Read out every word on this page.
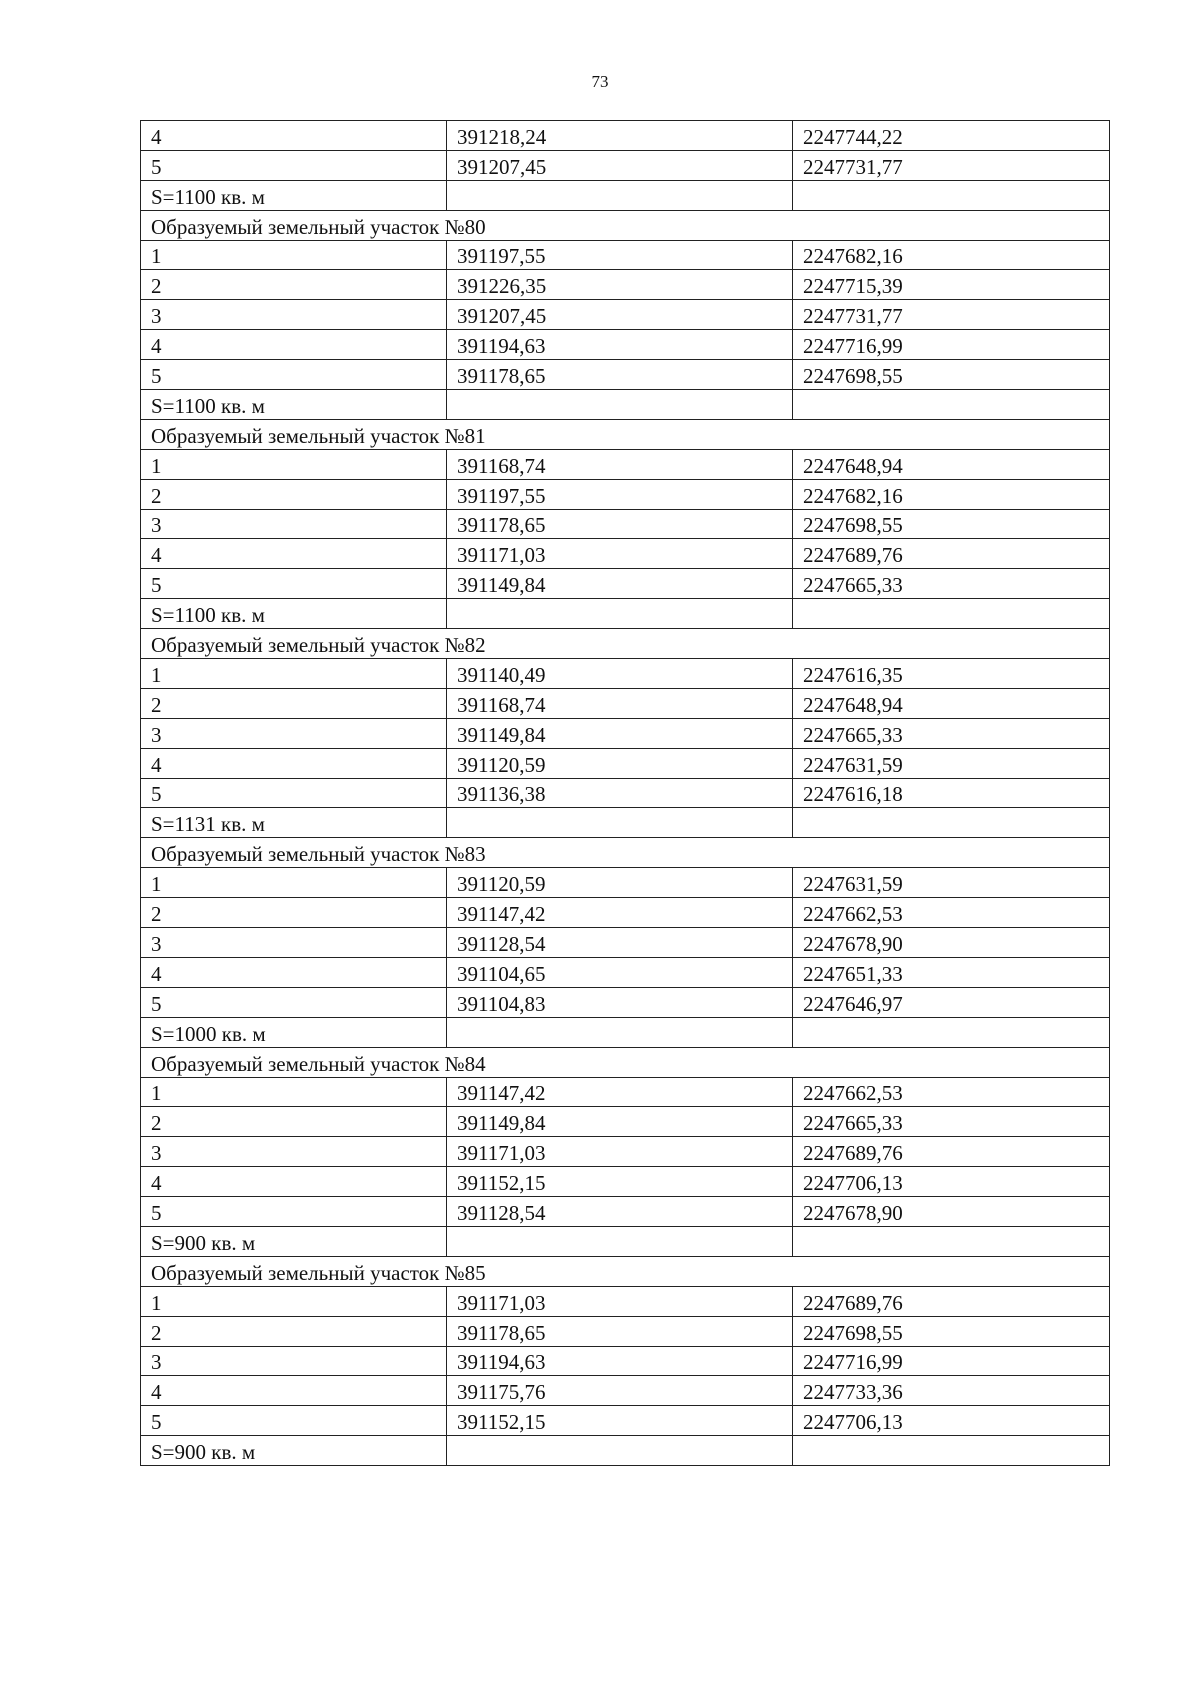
73
4	391218,24	2247744,22
5	391207,45	2247731,77
S=1100 кв. м		
Образуемый земельный участок №80		
1	391197,55	2247682,16
2	391226,35	2247715,39
3	391207,45	2247731,77
4	391194,63	2247716,99
5	391178,65	2247698,55
S=1100 кв. м		
Образуемый земельный участок №81		
1	391168,74	2247648,94
2	391197,55	2247682,16
3	391178,65	2247698,55
4	391171,03	2247689,76
5	391149,84	2247665,33
S=1100 кв. м		
Образуемый земельный участок №82		
1	391140,49	2247616,35
2	391168,74	2247648,94
3	391149,84	2247665,33
4	391120,59	2247631,59
5	391136,38	2247616,18
S=1131 кв. м		
Образуемый земельный участок №83		
1	391120,59	2247631,59
2	391147,42	2247662,53
3	391128,54	2247678,90
4	391104,65	2247651,33
5	391104,83	2247646,97
S=1000 кв. м		
Образуемый земельный участок №84		
1	391147,42	2247662,53
2	391149,84	2247665,33
3	391171,03	2247689,76
4	391152,15	2247706,13
5	391128,54	2247678,90
S=900 кв. м		
Образуемый земельный участок №85		
1	391171,03	2247689,76
2	391178,65	2247698,55
3	391194,63	2247716,99
4	391175,76	2247733,36
5	391152,15	2247706,13
S=900 кв. м		
